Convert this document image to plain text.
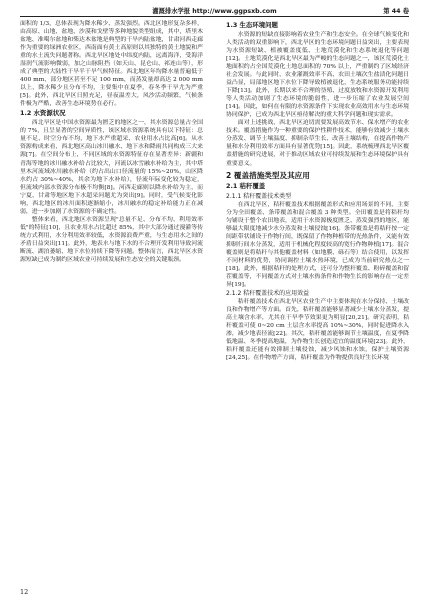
灌溉排水学报 http://www.ggpsxb.com	第 44 卷

面积的 1/3，总体表现为降水稀少、蒸发强烈。西北区地形复杂多样，由高原、山地、盆地、沙漠和戈壁等多种地貌类型组成，其中，塔里木盆地、准噶尔盆地和柴达木盆地是典型的干旱内陆盆地，甘肃河西走廊作为重要的绿洲农业区，西南面有黄土高原则以其独特的黄土地貌和严重的水土流失问题著称。西北旱区地处中纬度内陆，远离海洋，受海洋湿润气流影响微弱，加之山脉阻挡（如天山、昆仑山、祁连山等），形成了典型的大陆性干旱半干旱气候特征。西北地区年均降水量普遍低于 400 mm，部分地区甚至不足 100 mm，而蒸发量却高达 2 000 mm 以上，降水稀少且分布不均，主要集中在夏季，春冬季干旱尤为严重[5]。此外，西北旱区日照充足，昼夜温差大，风沙活动频繁，气候条件极为严酷，改善生态环境势在必行。

1.2 水资源状况

西北旱区是中国水资源最为匮乏的地区之一，其水资源总量占全国的 7%，且呈显著的空间异质性，该区域水资源系统具有以下特征：总量不足、时空分布不均，地下水严重超采、农业用水占比高[6]。从水资源构成来看，西北地区高山冰川融水、地下水和降雨共同构成三大来源[7]。在空间分布上，不同区域的水资源特征存在显著差异：新疆和青海等地的冰川融水补给占比较大，河流以冰雪融水补给为主，其中塔里木河流域冰川融水补给（约占出山口径流量的 15%~20%，山区降水约占 30%~40%，其余为地下水补给），径流年际变化较为稳定，但流域内部水资源分布极不均衡[8]。河西走廊则以降水补给为主，而宁夏、甘肃等地区地下水超采问题尤为突出[9]。同时，受气候变化影响，西北地区的冰川面积逐渐缩小，冰川融水的稳定补给能力正在减弱，进一步加剧了水资源的不确定性。

整体来看，西北地区水资源呈现"总量不足、分布不均、利用效率低"的特征[10]，且农业用水占比超过 85%，其中大部分通过漫灌等传统方式利用，水分利用效率较低，水资源浪费严重，与生态用水之间的矛盾日益突出[11]。此外，地表水与地下水的不合理开发利用导致河流断流、湖泊萎缩、地下水位持续下降等问题。整体而言，西北旱区水资源短缺已成为制约区域农业可持续发展和生态安全的关键瓶颈。

1.3 生态环境问题

水资源的短缺直接影响着农业生产和生态安全。在全球气候变化和人类活动的双重影响下，西北旱区的生态环境问题日益突出，主要表现为水资源短缺、植被覆盖度低、土地荒漠化和生态系统退化等问题[12]。土地荒漠化是西北旱区最为严峻的生态问题之一，该区荒漠化土地面积约占全国荒漠化土地总面积的 70% 以上，严重制约了区域经济社会发展。与此同时，农业灌溉效率不高、农田土壤次生盐渍化问题日益凸显，局部地区地下水位下降导致植被退化，生态系统服务功能持续下降[13]。此外，长期以来不合理的垦殖、过度放牧和水资源开发利用等人类活动加剧了生态环境的脆弱性，进一步压缩了农业发展空间[14]。因此，如何在有限的水资源条件下实现农业高效用水与生态环境协同保护，已成为西北旱区亟待解决的重大科学问题和现实需求。

面对上述挑战，西北旱区迫切需要发展高效节水、保水增产的农业技术。覆盖措施作为一种重要的保护性耕作技术，能够有效减少土壤水分蒸发、调节土壤温度、抑制杂草生长、改善土壤结构，在提高作物产量和水分利用效率方面具有显著优势[15]。因此，系统梳理西北旱区覆盖措施的研究进展，对于推动区域农业可持续发展和生态环境保护具有重要意义。

2 覆盖措施类型及其应用
2.1 秸秆覆盖
2.1.1 秸秆覆盖技术类型

在西北旱区，秸秆覆盖技术根据覆盖形式和应用场景的不同，主要分为全田覆盖、条带覆盖和混合覆盖 3 种类型。全田覆盖是将秸秆均匀铺设于整个农田地表，适用于水资源极度匮乏、蒸发强烈的地区，能够最大限度地减少水分蒸发和土壤侵蚀[16]。条带覆盖是将秸秆按一定间距带状铺设于作物行间，既保留了作物种植带的光热条件，又能有效抑制行间水分蒸发，适用于机械化程度较高的宽行作物种植[17]。混合覆盖则是将秸秆与其他覆盖材料（如地膜、砾石等）结合使用，以发挥不同材料的优势，协同调控土壤水热环境，已成为当前研究热点之一[18]。此外，根据秸秆的处理方式，还可分为整秆覆盖、粉碎覆盖和留茬覆盖等，不同覆盖方式对土壤水热条件和作物生长的影响存在一定差异[19]。

2.1.2 秸秆覆盖技术的应用效益

秸秆覆盖技术在西北旱区农业生产中主要体现在水分保持、土壤改良和作物增产等方面。首先，秸秆覆盖能够显著减少土壤水分蒸发，提高土壤含水率，尤其在干旱季节效果更为明显[20,21]。研究表明，秸秆覆盖可使 0~20 cm 土层含水率提高 10%~30%，同时促进降水入渗，减少地表径流[22]。其次，秸秆覆盖能够调节土壤温度，在夏季降低地温、冬季提高地温，为作物生长创造适宜的温度环境[23]。此外，秸秆覆盖还能有效抑制土壤侵蚀，减少风蚀和水蚀，保护土壤资源[24,25]。在作物增产方面，秸秆覆盖为作物提供良好生长环境

12
